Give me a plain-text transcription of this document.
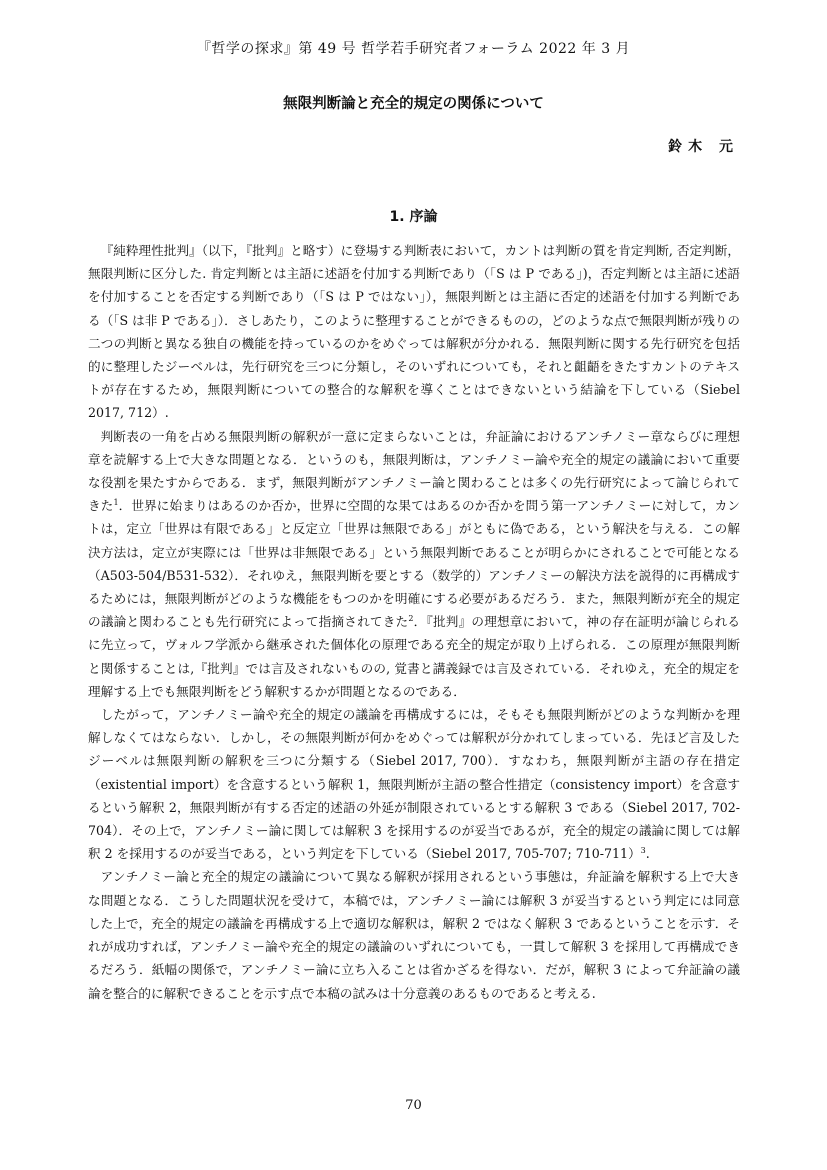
『哲学の探求』第 49 号 哲学若手研究者フォーラム 2022 年 3 月
無限判断論と充全的規定の関係について
鈴木 元
1. 序論

『純粋理性批判』（以下，『批判』と略す）に登場する判断表において，カントは判断の質を肯定判断, 否定判断，無限判断に区分した. 肯定判断とは主語に述語を付加する判断であり（「S は P である」)，否定判断とは主語に述語を付加することを否定する判断であり（「S は P ではない」），無限判断とは主語に否定的述語を付加する判断である（「S は非 P である」）．さしあたり，このように整理することができるものの，どのような点で無限判断が残りの二つの判断と異なる独自の機能を持っているのかをめぐっては解釈が分かれる．無限判断に関する先行研究を包括的に整理したジーベルは，先行研究を三つに分類し，そのいずれについても，それと齟齬をきたすカントのテキストが存在するため，無限判断についての整合的な解釈を導くことはできないという結論を下している（Siebel 2017, 712）.

判断表の一角を占める無限判断の解釈が一意に定まらないことは，弁証論におけるアンチノミー章ならびに理想章を読解する上で大きな問題となる．というのも，無限判断は，アンチノミー論や充全的規定の議論において重要な役割を果たすからである．まず，無限判断がアンチノミー論と関わることは多くの先行研究によって論じられてきた$^1$．世界に始まりはあるのか否か，世界に空間的な果てはあるのか否かを問う第一アンチノミーに対して，カントは，定立「世界は有限である」と反定立「世界は無限である」がともに偽である，という解決を与える．この解決方法は，定立が実際には「世界は非無限である」という無限判断であることが明らかにされることで可能となる（A503-504/B531-532）．それゆえ，無限判断を要とする（数学的）アンチノミーの解決方法を説得的に再構成するためには，無限判断がどのような機能をもつのかを明確にする必要があるだろう．また，無限判断が充全的規定の議論と関わることも先行研究によって指摘されてきた$^2$．『批判』の理想章において，神の存在証明が論じられるに先立って，ヴォルフ学派から継承された個体化の原理である充全的規定が取り上げられる．この原理が無限判断と関係することは,『批判』では言及されないものの, 覚書と講義録では言及されている．それゆえ，充全的規定を理解する上でも無限判断をどう解釈するかが問題となるのである．

したがって，アンチノミー論や充全的規定の議論を再構成するには，そもそも無限判断がどのような判断かを理解しなくてはならない．しかし，その無限判断が何かをめぐっては解釈が分かれてしまっている．先ほど言及したジーベルは無限判断の解釈を三つに分類する（Siebel 2017, 700）．すなわち，無限判断が主語の存在措定（existential import）を含意するという解釈 1，無限判断が主語の整合性措定（consistency import）を含意するという解釈 2，無限判断が有する否定的述語の外延が制限されているとする解釈 3 である（Siebel 2017, 702-704）．その上で，アンチノミー論に関しては解釈 3 を採用するのが妥当であるが，充全的規定の議論に関しては解釈 2 を採用するのが妥当である，という判定を下している（Siebel 2017, 705-707; 710-711）$^3$.

アンチノミー論と充全的規定の議論について異なる解釈が採用されるという事態は，弁証論を解釈する上で大きな問題となる．こうした問題状況を受けて，本稿では，アンチノミー論には解釈 3 が妥当するという判定には同意した上で，充全的規定の議論を再構成する上で適切な解釈は，解釈 2 ではなく解釈 3 であるということを示す．それが成功すれば，アンチノミー論や充全的規定の議論のいずれについても，一貫して解釈 3 を採用して再構成できるだろう．紙幅の関係で，アンチノミー論に立ち入ることは省かざるを得ない．だが，解釈 3 によって弁証論の議論を整合的に解釈できることを示す点で本稿の試みは十分意義のあるものであると考える.

70
